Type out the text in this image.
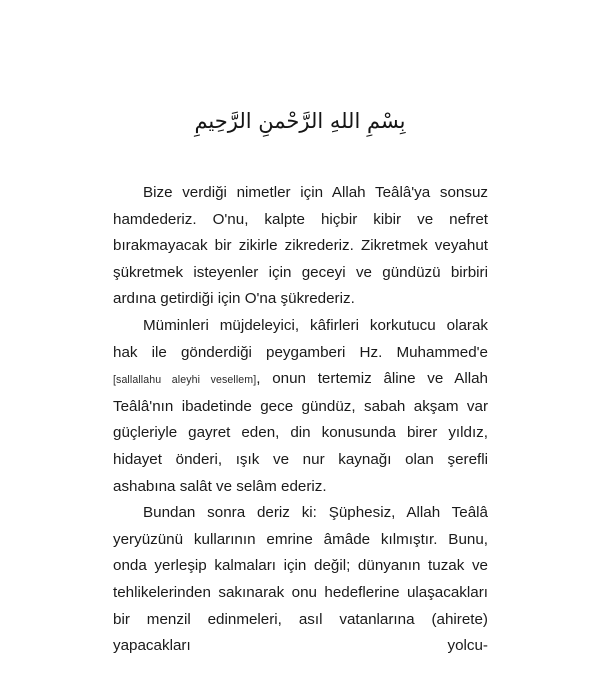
بِسْمِ اللهِ الرَّحْمنِ الرَّحِيمِ

Bize verdiği nimetler için Allah Teâlâ'ya sonsuz hamdederiz. O'nu, kalpte hiçbir kibir ve nefret bırakmayacak bir zikirle zikrederiz. Zikretmek veyahut şükretmek isteyenler için geceyi ve gündüzü birbiri ardına getirdiği için O'na şükrederiz.

Müminleri müjdeleyici, kâfirleri korkutucu olarak hak ile gönderdiği peygamberi Hz. Muhammed'e [sallallahu aleyhi vesellem], onun tertemiz âline ve Allah Teâlâ'nın ibadetinde gece gündüz, sabah akşam var güçleriyle gayret eden, din konusunda birer yıldız, hidayet önderi, ışık ve nur kaynağı olan şerefli ashabına salât ve selâm ederiz.

Bundan sonra deriz ki: Şüphesiz, Allah Teâlâ yeryüzünü kullarının emrine âmâde kılmıştır. Bunu, onda yerleşip kalmaları için değil; dünyanın tuzak ve tehlikelerinden sakınarak onu hedeflerine ulaşacakları bir menzil edinmeleri, asıl vatanlarına (ahirete) yapacakları yolcu-
